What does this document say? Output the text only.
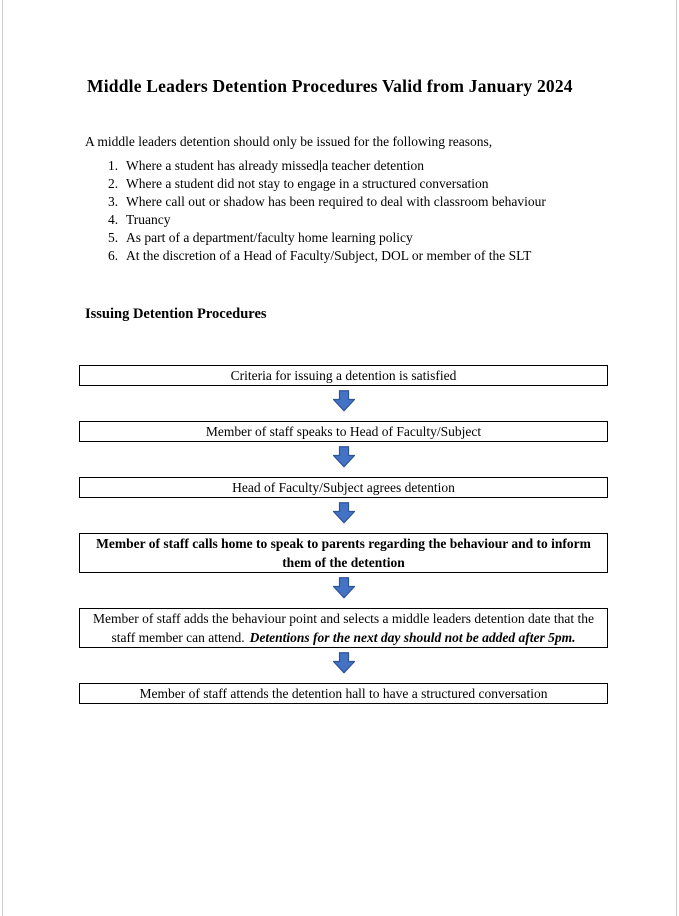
Middle Leaders Detention Procedures Valid from January 2024

A middle leaders detention should only be issued for the following reasons,

1. Where a student has already missed a teacher detention
2. Where a student did not stay to engage in a structured conversation
3. Where call out or shadow has been required to deal with classroom behaviour
4. Truancy
5. As part of a department/faculty home learning policy
6. At the discretion of a Head of Faculty/Subject, DOL or member of the SLT
Issuing Detention Procedures
Criteria for issuing a detention is satisfied
Member of staff speaks to Head of Faculty/Subject
Head of Faculty/Subject agrees detention
Member of staff calls home to speak to parents regarding the behaviour and to inform them of the detention
Member of staff adds the behaviour point and selects a middle leaders detention date that the staff member can attend. Detentions for the next day should not be added after 5pm.
Member of staff attends the detention hall to have a structured conversation
